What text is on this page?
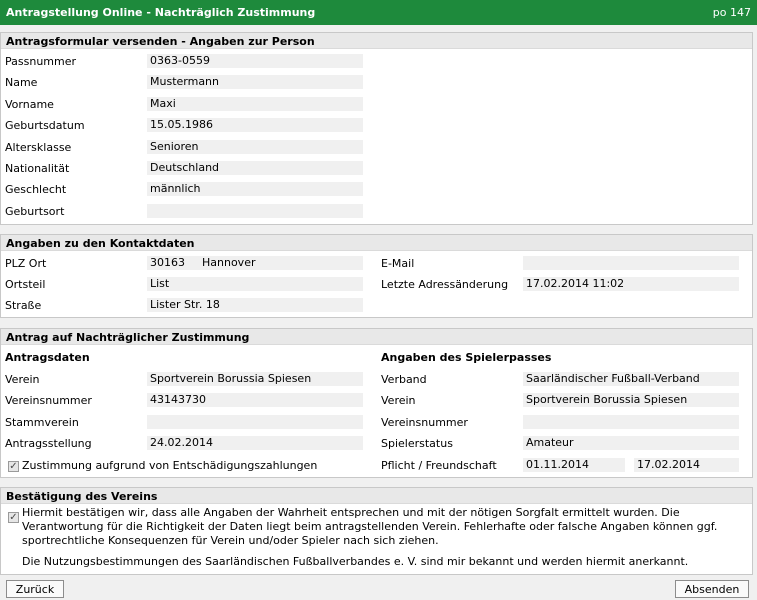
Antragstellung Online - Nachträglich Zustimmung	po 147
Antragsformular versenden - Angaben zur Person
Angaben zu den Kontaktdaten
PLZ Ort	30163 Hannover
Ortsteil	List
Straße	Lister Str. 18
E-Mail
Letzte Adressänderung 17.02.2014 11:02
Antrag auf Nachträglicher Zustimmung
Antragsdaten	Angaben des Spielerpasses
✓ Zustimmung aufgrund von Entschädigungszahlungen	Pflicht / Freundschaft	01.11.2014	17.02.2014
Bestätigung des Vereins
✓ Hiermit bestätigen wir, dass alle Angaben der Wahrheit entsprechen und mit der nötigen Sorgfalt ermittelt wurden. Die Verantwortung für die Richtigkeit der Daten liegt beim antragstellenden Verein. Fehlerhafte oder falsche Angaben können ggf. sportrechtliche Konsequenzen für Verein und/oder Spieler nach sich ziehen.
Die Nutzungsbestimmungen des Saarländischen Fußballverbandes e. V. sind mir bekannt und werden hiermit anerkannt.
Zurück	Absenden
Passnummer	0363-0559
Name	Mustermann
Vorname	Maxi
Geburtsdatum	15.05.1986
Altersklasse	Senioren
Nationalität	Deutschland
Geschlecht	männlich
Geburtsort
Verein	Sportverein Borussia Spiesen
Vereinsnummer	43143730
Stammverein
Antragsstellung	24.02.2014
Verband	Saarländischer Fußball-Verband
Verein	Sportverein Borussia Spiesen
Vereinsnummer
Spielerstatus	Amateur
